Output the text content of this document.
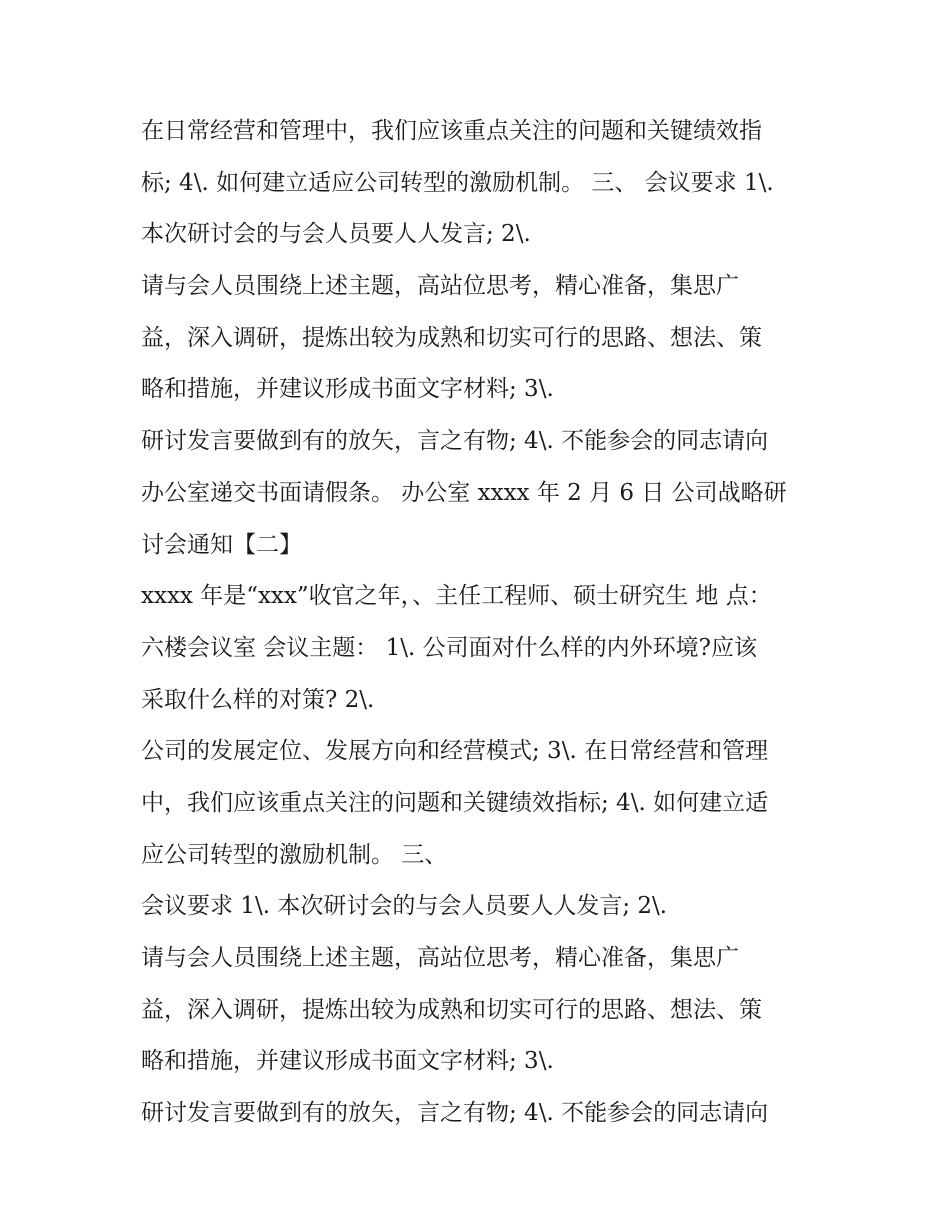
在日常经营和管理中，我们应该重点关注的问题和关键绩效指
标; 4\. 如何建立适应公司转型的激励机制。 三、 会议要求 1\.
本次研讨会的与会人员要人人发言; 2\.
请与会人员围绕上述主题，高站位思考，精心准备，集思广
益，深入调研，提炼出较为成熟和切实可行的思路、想法、策
略和措施，并建议形成书面文字材料; 3\.
研讨发言要做到有的放矢，言之有物; 4\. 不能参会的同志请向
办公室递交书面请假条。 办公室 xxxx 年 2 月 6 日 公司战略研
讨会通知【二】
xxxx 年是“xxx”收官之年，、主任工程师、硕士研究生 地 点：
六楼会议室 会议主题： 1\. 公司面对什么样的内外环境?应该
采取什么样的对策? 2\.
公司的发展定位、发展方向和经营模式; 3\. 在日常经营和管理
中，我们应该重点关注的问题和关键绩效指标; 4\. 如何建立适
应公司转型的激励机制。 三、
会议要求 1\. 本次研讨会的与会人员要人人发言; 2\.
请与会人员围绕上述主题，高站位思考，精心准备，集思广
益，深入调研，提炼出较为成熟和切实可行的思路、想法、策
略和措施，并建议形成书面文字材料; 3\.
研讨发言要做到有的放矢，言之有物; 4\. 不能参会的同志请向
